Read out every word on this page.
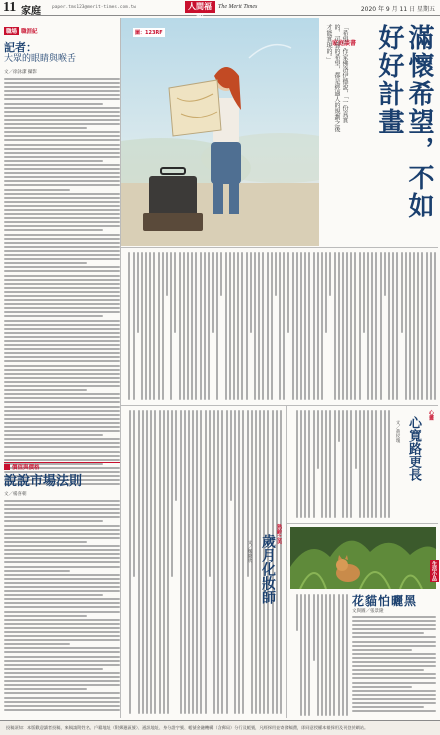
11 家庭 paper.tms123@merit-times.com.tw	人間福	The Merit Times	2020 年 9 月 11 日 星期五
職場 職涯紀
記者：
大眾的眼睛與喉舌
文／徐詠潔 攝影
圖：123RF
家庭談書	滿懷希望，不如好好計畫
「希望」作家佛洛伊德說，「一份真實的、可靠的希望，都是經過人的規劃之後才能實現的。」
價值與價格
說說市場法則
文／楊喜朝
心靈
心寬路更長
文／黃玫瑰
熟齡之美
歲月化妝師
文／鄭慶欣
生活小品
花貓怕曬黑
文與圖／張景隆
投稿須知：本版歡迎讀者投稿，來稿請附姓名、戶籍地址（附郵遞區號）、通訊地址、身分證字號、帳號金融機構（含郵局）分行及帳號，凡經採用並寄發稿費，即同意授權本報採用及刊登於網站。
